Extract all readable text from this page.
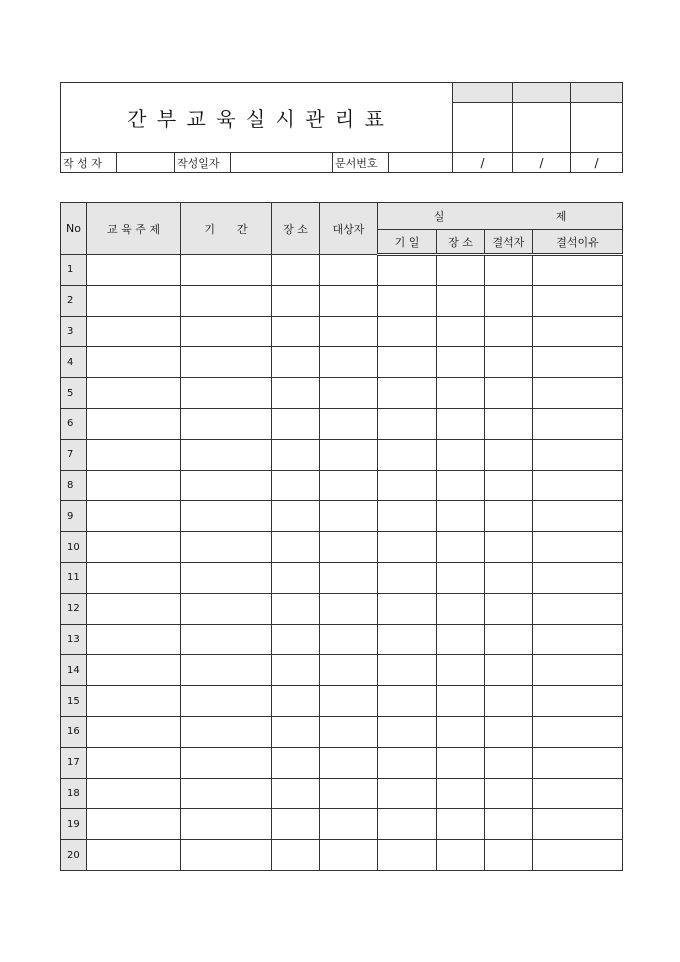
간 부 교 육 실 시 관 리 표								

작 성 자		작성일자		문서번호		/	/	/
No	교 육 주 제	기　　간	장 소	대상자	실 제			
					기 일	장 소	결석자	결석이유
1								
2								
3								
4								
5								
6								
7								
8								
9								
10								
11								
12								
13								
14								
15								
16								
17								
18								
19								
20								
